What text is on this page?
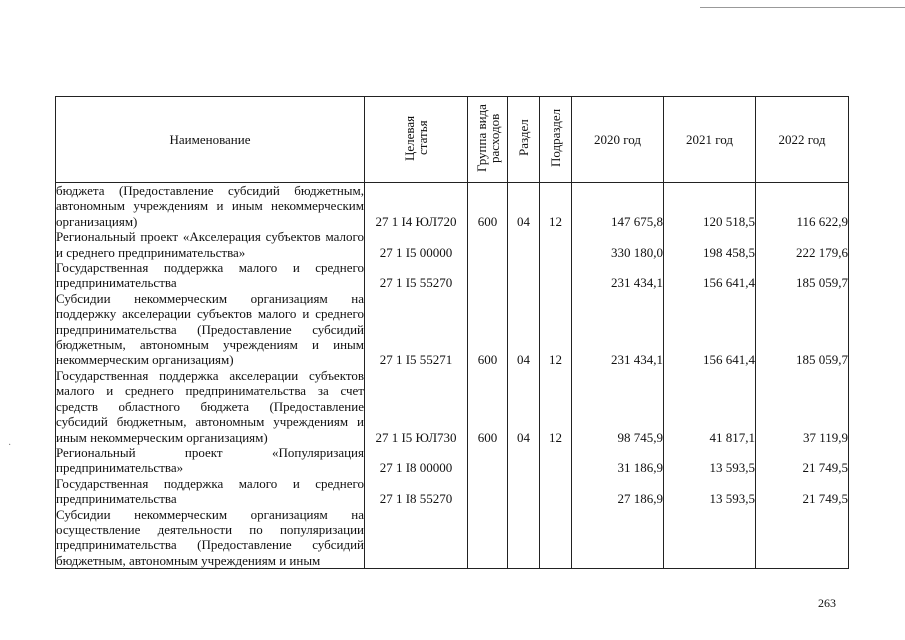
·
Наименование	Целевая статья	Группа вида расходов	Раздел	Подраздел	2020 год	2021 год	2022 год
бюджета (Предоставление субсидий бюджетным, автономным учреждениям и иным некоммерческим организациям)	27 1 I4 ЮЛ720	600	04	12	147 675,8	120 518,5	116 622,9
Региональный проект «Акселерация субъектов малого и среднего предпринимательства»	27 1 I5 00000				330 180,0	198 458,5	222 179,6
Государственная поддержка малого и среднего предпринимательства	27 1 I5 55270				231 434,1	156 641,4	185 059,7
Субсидии некоммерческим организациям на поддержку акселерации субъектов малого и среднего предпринимательства (Предоставление субсидий бюджетным, автономным учреждениям и иным некоммерческим организациям)	27 1 I5 55271	600	04	12	231 434,1	156 641,4	185 059,7
Государственная поддержка акселерации субъектов малого и среднего предпринимательства за счет средств областного бюджета (Предоставление субсидий бюджетным, автономным учреждениям и иным некоммерческим организациям)	27 1 I5 ЮЛ730	600	04	12	98 745,9	41 817,1	37 119,9
Региональный проект «Популяризация предпринимательства»	27 1 I8 00000				31 186,9	13 593,5	21 749,5
Государственная поддержка малого и среднего предпринимательства	27 1 I8 55270				27 186,9	13 593,5	21 749,5
Субсидии некоммерческим организациям на осуществление деятельности по популяризации предпринимательства (Предоставление субсидий бюджетным, автономным учреждениям и иным							
263
